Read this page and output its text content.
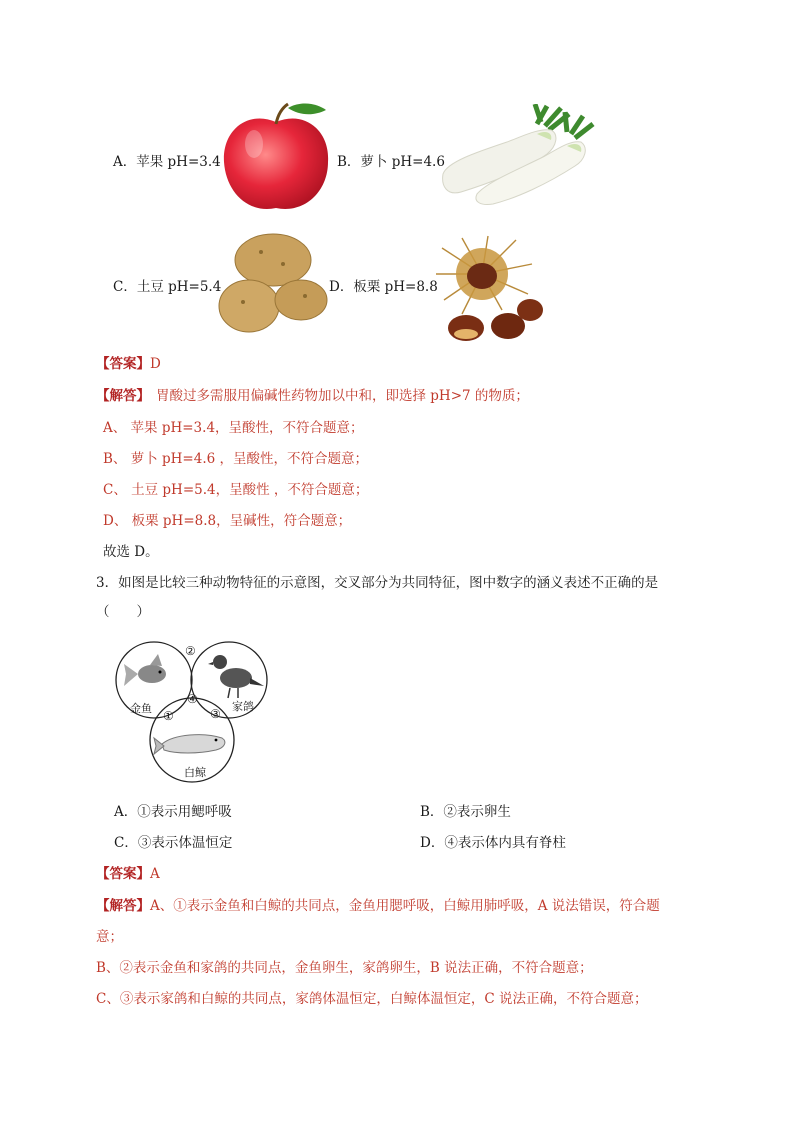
A．苹果 pH=3.4	B．萝卜 pH=4.6
C．土豆 pH=5.4	D．板栗 pH=8.8
【答案】D
【解答】 胃酸过多需服用偏碱性药物加以中和，即选择 pH>7 的物质；
A、 苹果 pH=3.4，呈酸性，不符合题意；
B、 萝卜 pH=4.6 ，呈酸性，不符合题意；
C、 土豆 pH=5.4，呈酸性 ，不符合题意；
D、 板栗 pH=8.8，呈碱性，符合题意；
故选 D。
3．如图是比较三种动物特征的示意图，交叉部分为共同特征，图中数字的涵义表述不正确的是
（　　）
金鱼	家鸽
白鲸
②
④
①	③
A．①表示用鳃呼吸	B．②表示卵生
C．③表示体温恒定	D．④表示体内具有脊柱
【答案】A
【解答】A、①表示金鱼和白鲸的共同点，金鱼用腮呼吸，白鲸用肺呼吸，A 说法错误，符合题
意；
B、②表示金鱼和家鸽的共同点，金鱼卵生，家鸽卵生，B 说法正确，不符合题意；
C、③表示家鸽和白鲸的共同点，家鸽体温恒定，白鲸体温恒定，C 说法正确，不符合题意；
